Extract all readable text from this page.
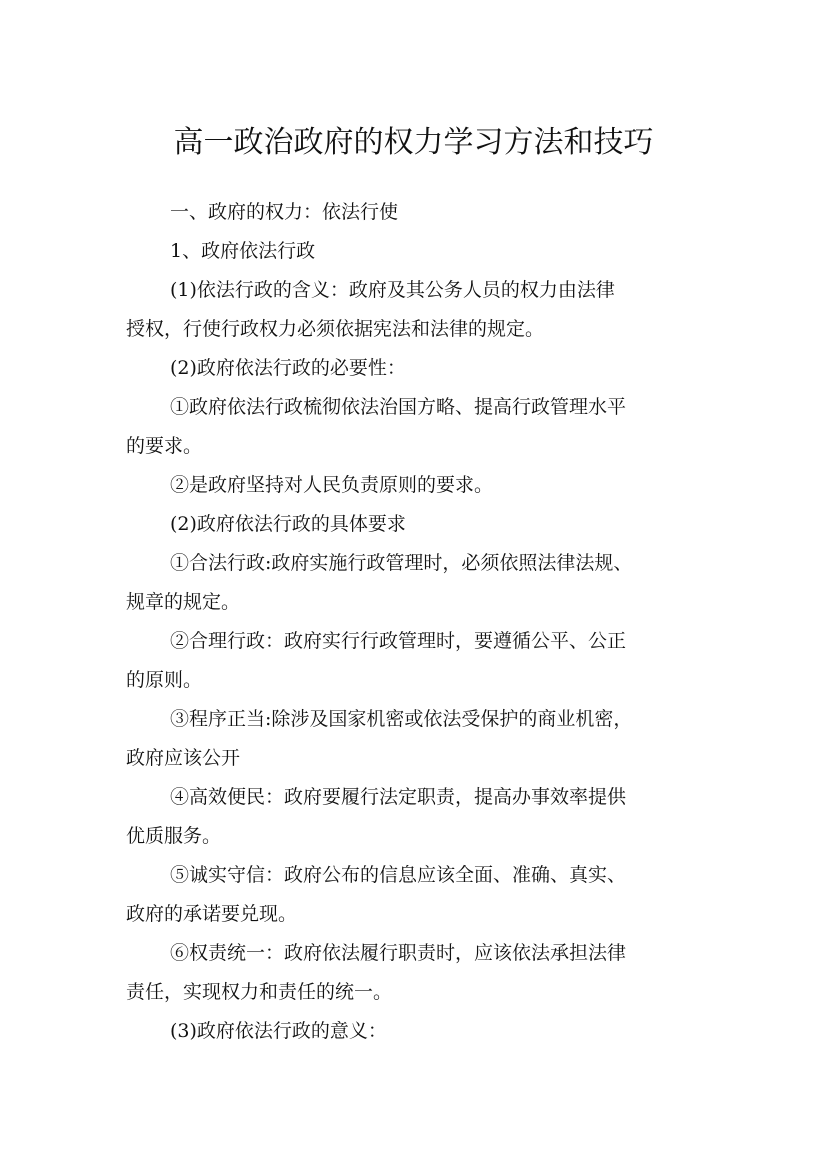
高一政治政府的权力学习方法和技巧
一、政府的权力：依法行使
1、政府依法行政
(1)依法行政的含义：政府及其公务人员的权力由法律
授权，行使行政权力必须依据宪法和法律的规定。
(2)政府依法行政的必要性：
①政府依法行政梳彻依法治国方略、提高行政管理水平
的要求。
②是政府坚持对人民负责原则的要求。
(2)政府依法行政的具体要求
①合法行政:政府实施行政管理时，必须依照法律法规、
规章的规定。
②合理行政：政府实行行政管理时，要遵循公平、公正
的原则。
③程序正当:除涉及国家机密或依法受保护的商业机密，
政府应该公开
④高效便民：政府要履行法定职责，提高办事效率提供
优质服务。
⑤诚实守信：政府公布的信息应该全面、准确、真实、
政府的承诺要兑现。
⑥权责统一：政府依法履行职责时，应该依法承担法律
责任，实现权力和责任的统一。
(3)政府依法行政的意义：
